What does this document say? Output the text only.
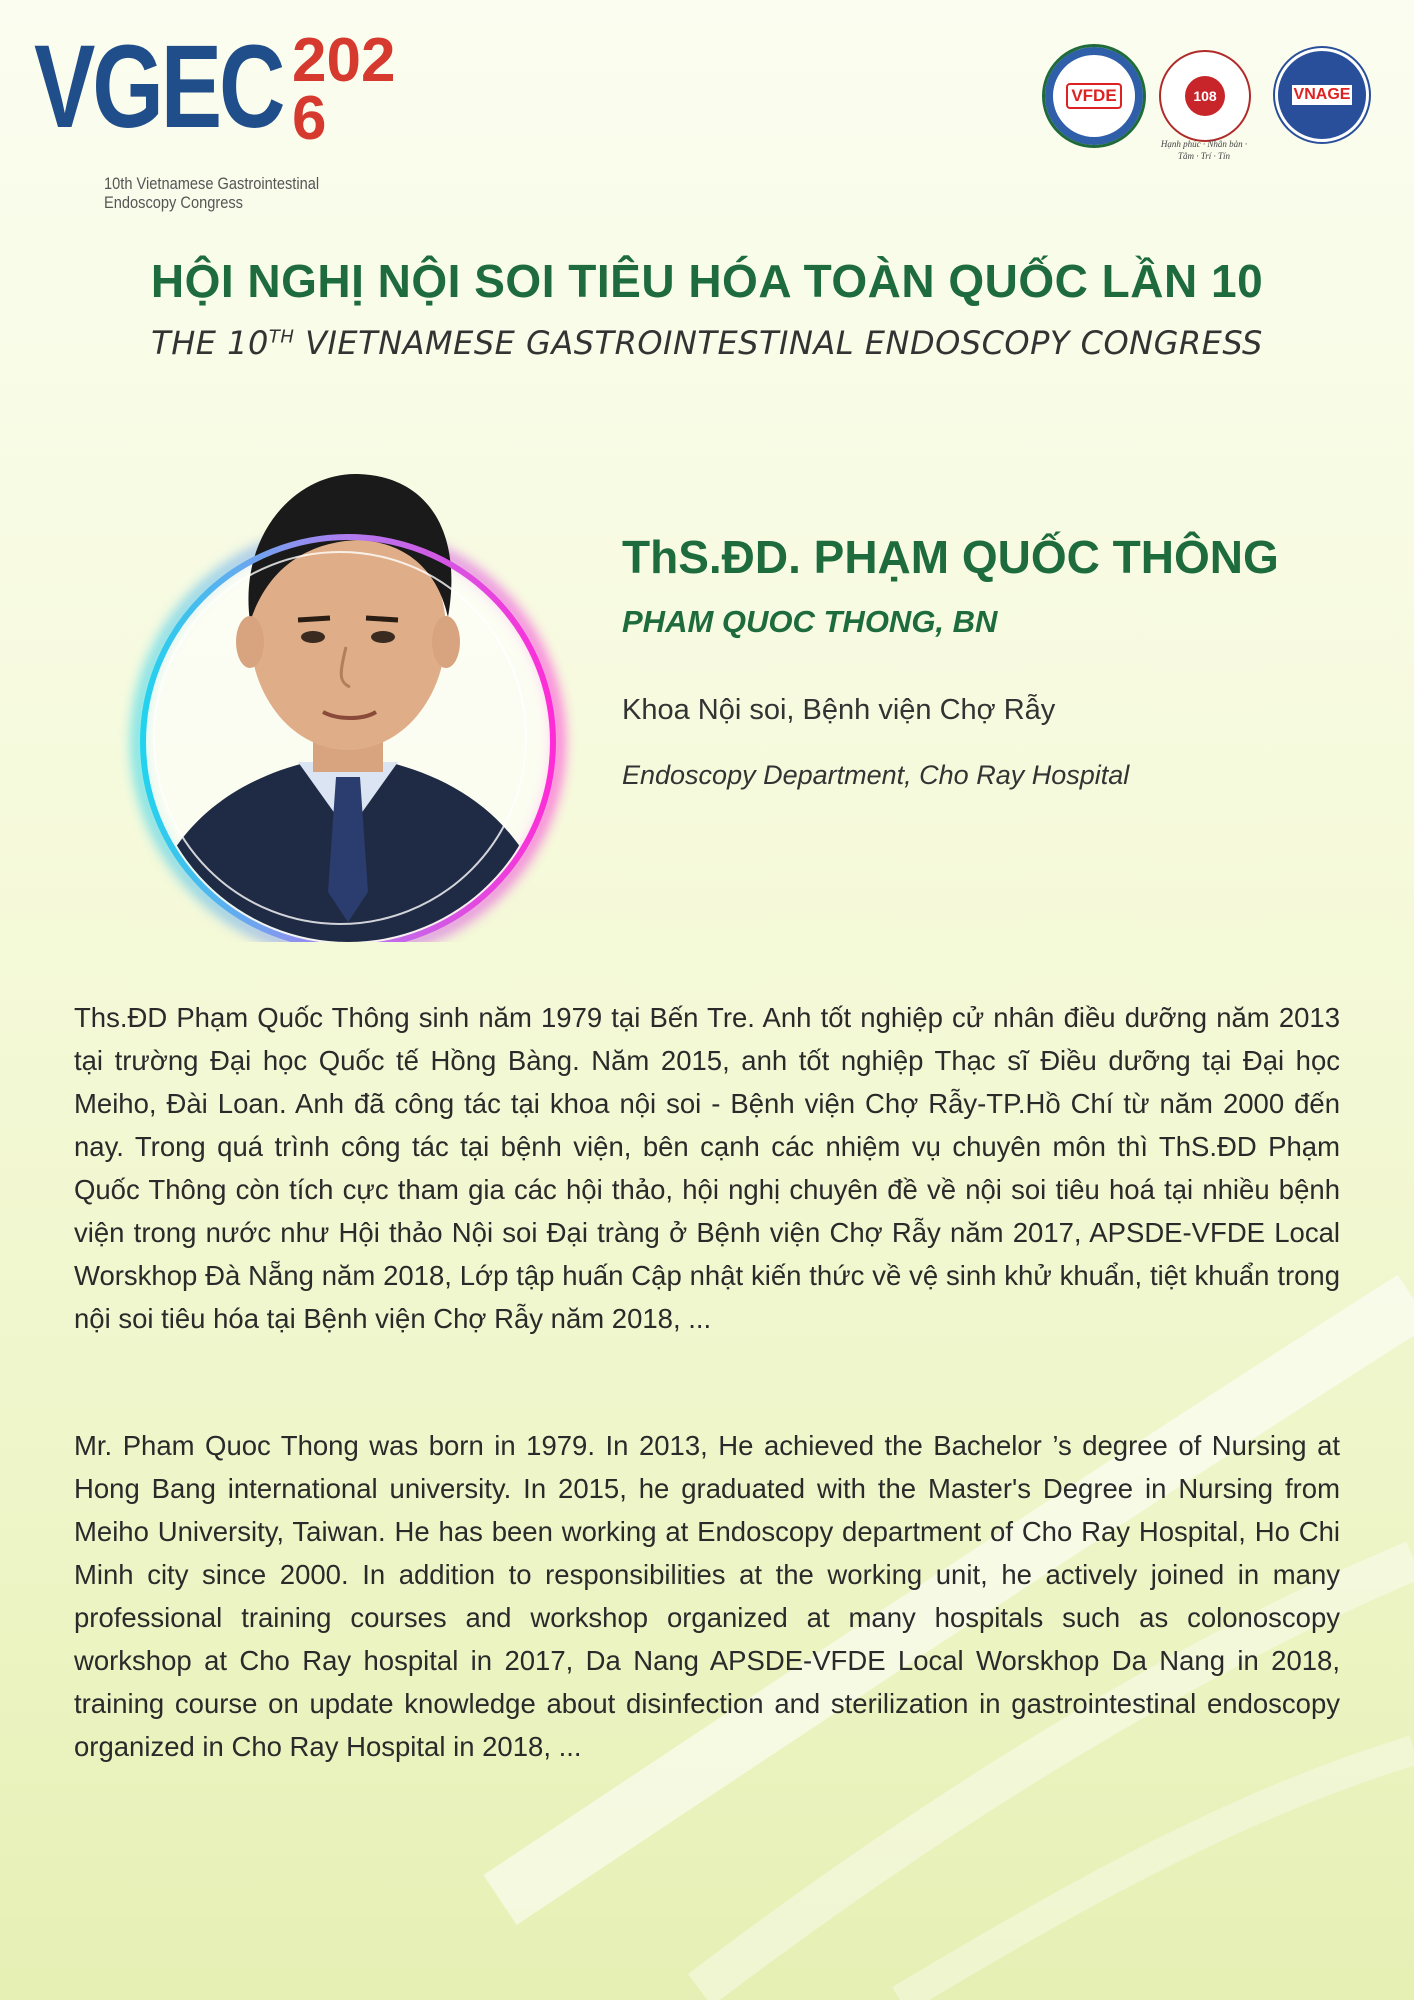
VGEC 2026
10th Vietnamese Gastrointestinal Endoscopy Congress
VFDE	108
Hạnh phúc · Nhân bản · Tâm · Trí · Tín
VNAGE
HỘI NGHỊ NỘI SOI TIÊU HÓA TOÀN QUỐC LẦN 10
THE 10TH VIETNAMESE GASTROINTESTINAL ENDOSCOPY CONGRESS
ThS.ĐD. PHẠM QUỐC THÔNG
PHAM QUOC THONG, BN
Khoa Nội soi, Bệnh viện Chợ Rẫy
Endoscopy Department, Cho Ray Hospital

Ths.ĐD Phạm Quốc Thông sinh năm 1979 tại Bến Tre. Anh tốt nghiệp cử nhân điều dưỡng năm 2013 tại trường Đại học Quốc tế Hồng Bàng. Năm 2015, anh tốt nghiệp Thạc sĩ Điều dưỡng tại Đại học Meiho, Đài Loan. Anh đã công tác tại khoa nội soi - Bệnh viện Chợ Rẫy-TP.Hồ Chí từ năm 2000 đến nay. Trong quá trình công tác tại bệnh viện, bên cạnh các nhiệm vụ chuyên môn thì ThS.ĐD Phạm Quốc Thông còn tích cực tham gia các hội thảo, hội nghị chuyên đề về nội soi tiêu hoá tại nhiều bệnh viện trong nước như Hội thảo Nội soi Đại tràng ở Bệnh viện Chợ Rẫy năm 2017, APSDE-VFDE Local Worskhop Đà Nẵng năm 2018, Lớp tập huấn Cập nhật kiến thức về vệ sinh khử khuẩn, tiệt khuẩn trong nội soi tiêu hóa tại Bệnh viện Chợ Rẫy năm 2018, ...

Mr. Pham Quoc Thong was born in 1979. In 2013, He achieved the Bachelor ’s degree of Nursing at Hong Bang international university. In 2015, he graduated with the Master's Degree in Nursing from Meiho University, Taiwan. He has been working at Endoscopy department of Cho Ray Hospital, Ho Chi Minh city since 2000. In addition to responsibilities at the working unit, he actively joined in many professional training courses and workshop organized at many hospitals such as colonoscopy workshop at Cho Ray hospital in 2017, Da Nang APSDE-VFDE Local Worskhop Da Nang in 2018, training course on update knowledge about disinfection and sterilization in gastrointestinal endoscopy organized in Cho Ray Hospital in 2018, ...
